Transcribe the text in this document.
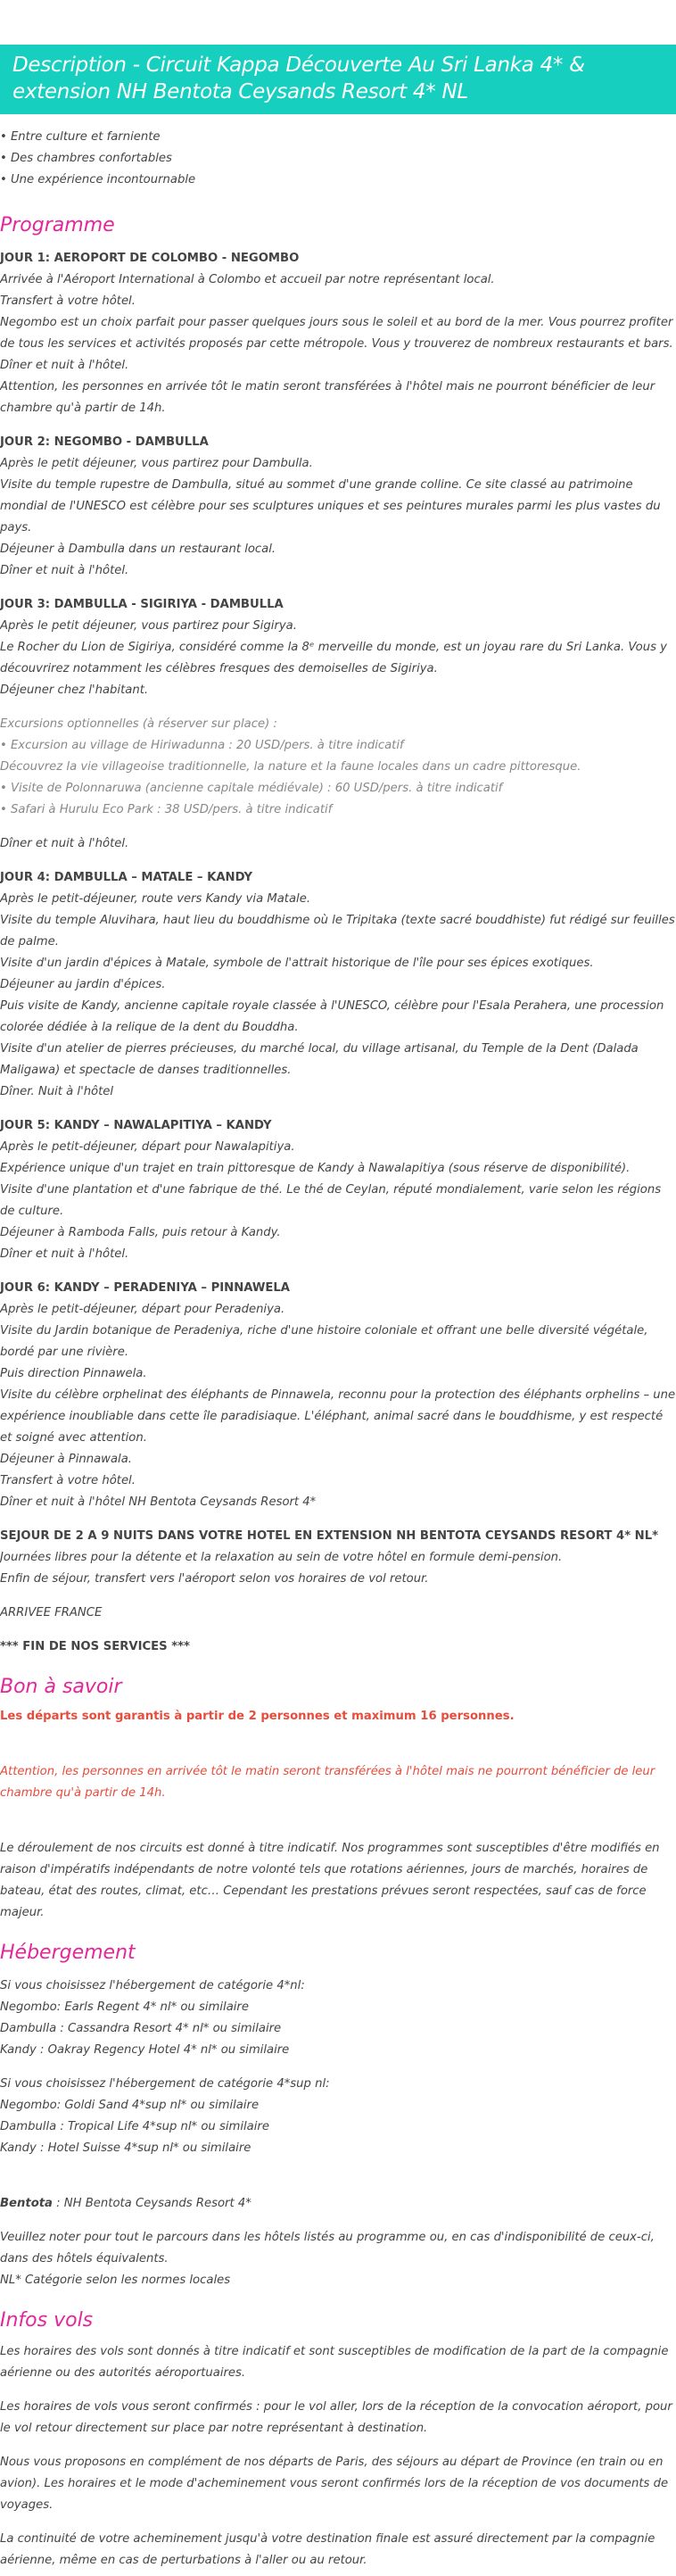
Description - Circuit Kappa Découverte Au Sri Lanka 4* & extension NH Bentota Ceysands Resort 4* NL
• Entre culture et farniente
• Des chambres confortables
• Une expérience incontournable
Programme

JOUR 1: AEROPORT DE COLOMBO - NEGOMBO

Arrivée à l'Aéroport International à Colombo et accueil par notre représentant local.

Transfert à votre hôtel.

Negombo est un choix parfait pour passer quelques jours sous le soleil et au bord de la mer. Vous pourrez profiter de tous les services et activités proposés par cette métropole. Vous y trouverez de nombreux restaurants et bars.

Dîner et nuit à l'hôtel.

Attention, les personnes en arrivée tôt le matin seront transférées à l'hôtel mais ne pourront bénéficier de leur chambre qu'à partir de 14h.

JOUR 2: NEGOMBO - DAMBULLA

Après le petit déjeuner, vous partirez pour Dambulla.

Visite du temple rupestre de Dambulla, situé au sommet d'une grande colline. Ce site classé au patrimoine mondial de l'UNESCO est célèbre pour ses sculptures uniques et ses peintures murales parmi les plus vastes du pays.

Déjeuner à Dambulla dans un restaurant local.

Dîner et nuit à l'hôtel.

JOUR 3: DAMBULLA - SIGIRIYA - DAMBULLA

Après le petit déjeuner, vous partirez pour Sigirya.

Le Rocher du Lion de Sigiriya, considéré comme la 8ᵉ merveille du monde, est un joyau rare du Sri Lanka. Vous y découvrirez notamment les célèbres fresques des demoiselles de Sigiriya.

Déjeuner chez l'habitant.

Excursions optionnelles (à réserver sur place) :

• Excursion au village de Hiriwadunna : 20 USD/pers. à titre indicatif

Découvrez la vie villageoise traditionnelle, la nature et la faune locales dans un cadre pittoresque.

• Visite de Polonnaruwa (ancienne capitale médiévale) : 60 USD/pers. à titre indicatif

• Safari à Hurulu Eco Park : 38 USD/pers. à titre indicatif

Dîner et nuit à l'hôtel.

JOUR 4: DAMBULLA – MATALE – KANDY

Après le petit-déjeuner, route vers Kandy via Matale.

Visite du temple Aluvihara, haut lieu du bouddhisme où le Tripitaka (texte sacré bouddhiste) fut rédigé sur feuilles de palme.

Visite d'un jardin d'épices à Matale, symbole de l'attrait historique de l'île pour ses épices exotiques.

Déjeuner au jardin d'épices.

Puis visite de Kandy, ancienne capitale royale classée à l'UNESCO, célèbre pour l'Esala Perahera, une procession colorée dédiée à la relique de la dent du Bouddha.

Visite d'un atelier de pierres précieuses, du marché local, du village artisanal, du Temple de la Dent (Dalada Maligawa) et spectacle de danses traditionnelles.

Dîner. Nuit à l'hôtel

JOUR 5: KANDY – NAWALAPITIYA – KANDY

Après le petit-déjeuner, départ pour Nawalapitiya.

Expérience unique d'un trajet en train pittoresque de Kandy à Nawalapitiya (sous réserve de disponibilité).

Visite d'une plantation et d'une fabrique de thé. Le thé de Ceylan, réputé mondialement, varie selon les régions de culture.

Déjeuner à Ramboda Falls, puis retour à Kandy.

Dîner et nuit à l'hôtel.

JOUR 6: KANDY – PERADENIYA – PINNAWELA

Après le petit-déjeuner, départ pour Peradeniya.

Visite du Jardin botanique de Peradeniya, riche d'une histoire coloniale et offrant une belle diversité végétale, bordé par une rivière.

Puis direction Pinnawela.

Visite du célèbre orphelinat des éléphants de Pinnawela, reconnu pour la protection des éléphants orphelins – une expérience inoubliable dans cette île paradisiaque. L'éléphant, animal sacré dans le bouddhisme, y est respecté et soigné avec attention.

Déjeuner à Pinnawala.

Transfert à votre hôtel.

Dîner et nuit à l'hôtel NH Bentota Ceysands Resort 4*

SEJOUR DE 2 A 9 NUITS DANS VOTRE HOTEL EN EXTENSION NH BENTOTA CEYSANDS RESORT 4* NL*

Journées libres pour la détente et la relaxation au sein de votre hôtel en formule demi-pension.

Enfin de séjour, transfert vers l'aéroport selon vos horaires de vol retour.

ARRIVEE FRANCE

*** FIN DE NOS SERVICES ***

Bon à savoir

Les départs sont garantis à partir de 2 personnes et maximum 16 personnes.

Attention, les personnes en arrivée tôt le matin seront transférées à l'hôtel mais ne pourront bénéficier de leur chambre qu'à partir de 14h.

Le déroulement de nos circuits est donné à titre indicatif. Nos programmes sont susceptibles d'être modifiés en raison d'impératifs indépendants de notre volonté tels que rotations aériennes, jours de marchés, horaires de bateau, état des routes, climat, etc… Cependant les prestations prévues seront respectées, sauf cas de force majeur.

Hébergement

Si vous choisissez l'hébergement de catégorie 4*nl:

Negombo: Earls Regent 4* nl* ou similaire

Dambulla : Cassandra Resort 4* nl* ou similaire

Kandy : Oakray Regency Hotel 4* nl* ou similaire

Si vous choisissez l'hébergement de catégorie 4*sup nl:

Negombo: Goldi Sand 4*sup nl* ou similaire

Dambulla : Tropical Life 4*sup nl* ou similaire

Kandy : Hotel Suisse 4*sup nl* ou similaire

Bentota : NH Bentota Ceysands Resort 4*

Veuillez noter pour tout le parcours dans les hôtels listés au programme ou, en cas d'indisponibilité de ceux-ci, dans des hôtels équivalents.

NL* Catégorie selon les normes locales

Infos vols

Les horaires des vols sont donnés à titre indicatif et sont susceptibles de modification de la part de la compagnie aérienne ou des autorités aéroportuaires.

Les horaires de vols vous seront confirmés : pour le vol aller, lors de la réception de la convocation aéroport, pour le vol retour directement sur place par notre représentant à destination.

Nous vous proposons en complément de nos départs de Paris, des séjours au départ de Province (en train ou en avion). Les horaires et le mode d'acheminement vous seront confirmés lors de la réception de vos documents de voyages.

La continuité de votre acheminement jusqu'à votre destination finale est assuré directement par la compagnie aérienne, même en cas de perturbations à l'aller ou au retour.
